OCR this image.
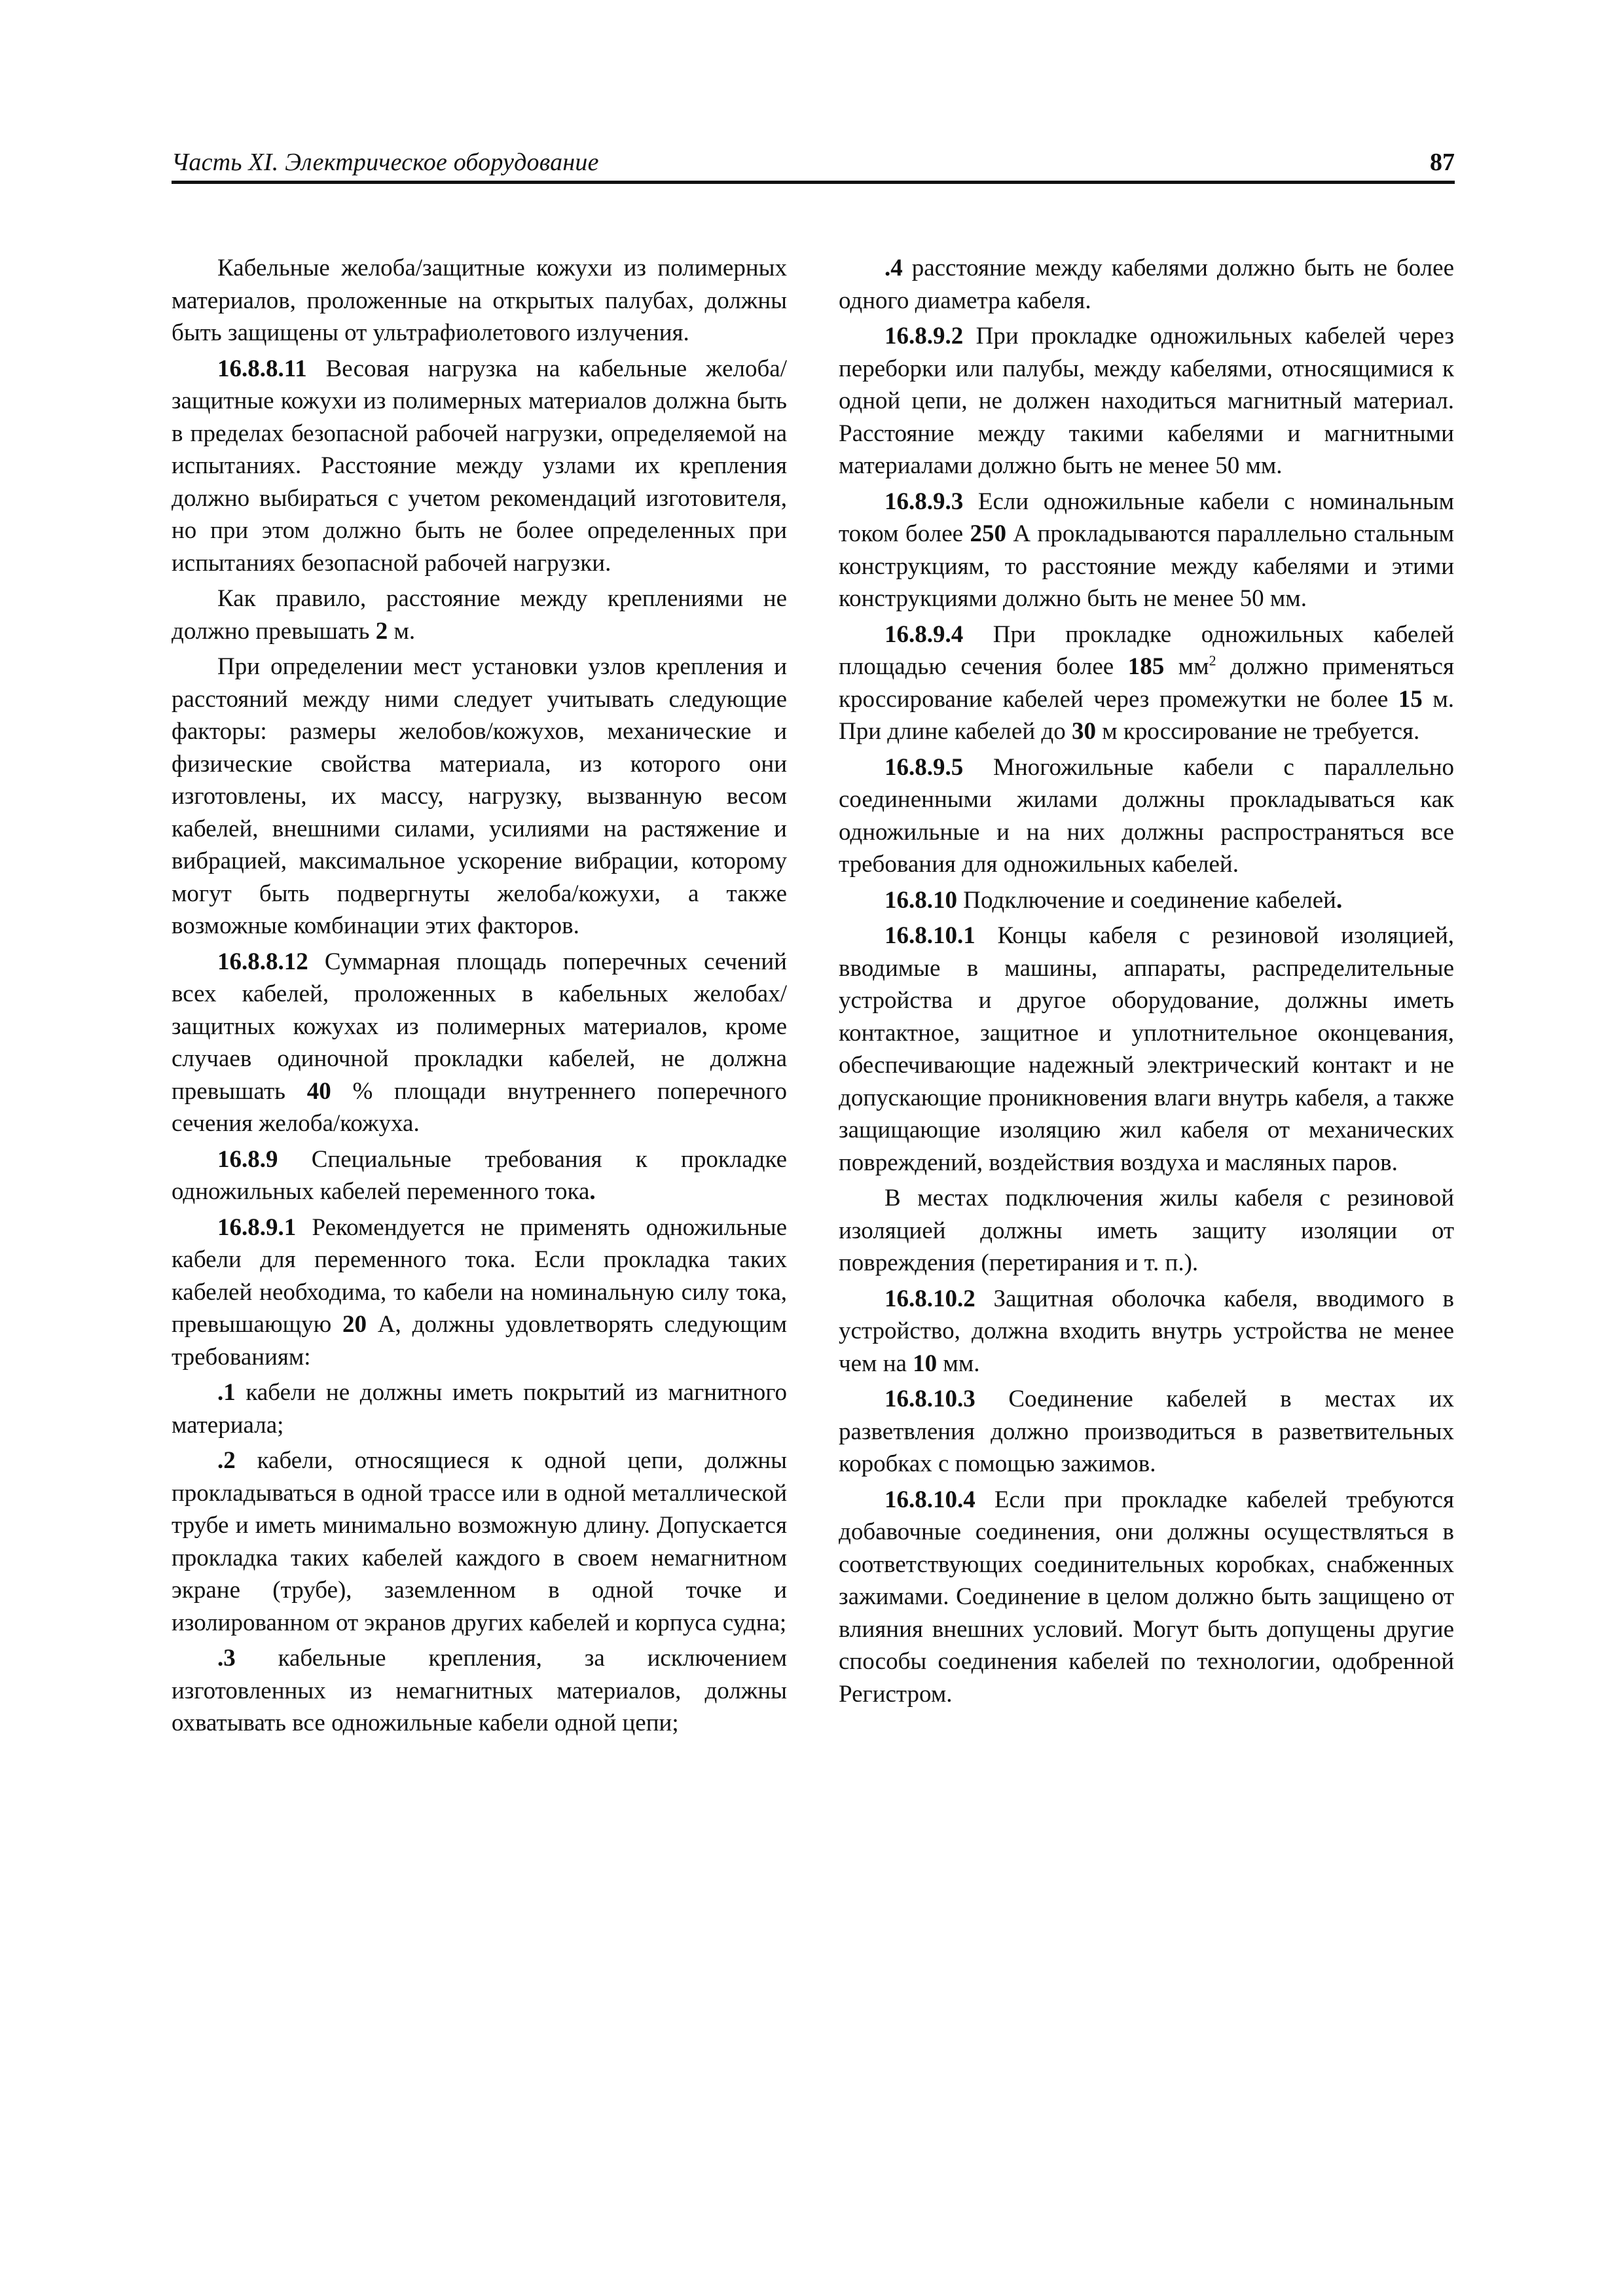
Часть XI. Электрическое оборудование	87

Кабельные желоба/защитные кожухи из полимерных материалов, проложенные на открытых палубах, должны быть защищены от ультрафиолетового излучения.

16.8.8.11 Весовая нагрузка на кабельные желоба/защитные кожухи из полимерных материалов должна быть в пределах безопасной рабочей нагрузки, определяемой на испытаниях. Расстояние между узлами их крепления должно выбираться с учетом рекомендаций изготовителя, но при этом должно быть не более определенных при испытаниях безопасной рабочей нагрузки.

Как правило, расстояние между креплениями не должно превышать 2 м.

При определении мест установки узлов крепления и расстояний между ними следует учитывать следующие факторы: размеры желобов/кожухов, механические и физические свойства материала, из которого они изготовлены, их массу, нагрузку, вызванную весом кабелей, внешними силами, усилиями на растяжение и вибрацией, максимальное ускорение вибрации, которому могут быть подвергнуты желоба/кожухи, а также возможные комбинации этих факторов.

16.8.8.12 Суммарная площадь поперечных сечений всех кабелей, проложенных в кабельных желобах/защитных кожухах из полимерных материалов, кроме случаев одиночной прокладки кабелей, не должна превышать 40 % площади внутреннего поперечного сечения желоба/кожуха.

16.8.9 Специальные требования к прокладке одножильных кабелей переменного тока.

16.8.9.1 Рекомендуется не применять одножильные кабели для переменного тока. Если прокладка таких кабелей необходима, то кабели на номинальную силу тока, превышающую 20 А, должны удовлетворять следующим требованиям:

.1 кабели не должны иметь покрытий из магнитного материала;

.2 кабели, относящиеся к одной цепи, должны прокладываться в одной трассе или в одной металлической трубе и иметь минимально возможную длину. Допускается прокладка таких кабелей каждого в своем немагнитном экране (трубе), заземленном в одной точке и изолированном от экранов других кабелей и корпуса судна;

.3 кабельные крепления, за исключением изготовленных из немагнитных материалов, должны охватывать все одножильные кабели одной цепи;

.4 расстояние между кабелями должно быть не более одного диаметра кабеля.

16.8.9.2 При прокладке одножильных кабелей через переборки или палубы, между кабелями, относящимися к одной цепи, не должен находиться магнитный материал. Расстояние между такими кабелями и магнитными материалами должно быть не менее 50 мм.

16.8.9.3 Если одножильные кабели с номинальным током более 250 А прокладываются параллельно стальным конструкциям, то расстояние между кабелями и этими конструкциями должно быть не менее 50 мм.

16.8.9.4 При прокладке одножильных кабелей площадью сечения более 185 $мм^2$ должно применяться кроссирование кабелей через промежутки не более 15 м. При длине кабелей до 30 м кроссирование не требуется.

16.8.9.5 Многожильные кабели с параллельно соединенными жилами должны прокладываться как одножильные и на них должны распространяться все требования для одножильных кабелей.

16.8.10 Подключение и соединение кабелей.

16.8.10.1 Концы кабеля с резиновой изоляцией, вводимые в машины, аппараты, распределительные устройства и другое оборудование, должны иметь контактное, защитное и уплотнительное оконцевания, обеспечивающие надежный электрический контакт и не допускающие проникновения влаги внутрь кабеля, а также защищающие изоляцию жил кабеля от механических повреждений, воздействия воздуха и масляных паров.

В местах подключения жилы кабеля с резиновой изоляцией должны иметь защиту изоляции от повреждения (перетирания и т. п.).

16.8.10.2 Защитная оболочка кабеля, вводимого в устройство, должна входить внутрь устройства не менее чем на 10 мм.

16.8.10.3 Соединение кабелей в местах их разветвления должно производиться в разветвительных коробках с помощью зажимов.

16.8.10.4 Если при прокладке кабелей требуются добавочные соединения, они должны осуществляться в соответствующих соединительных коробках, снабженных зажимами. Соединение в целом должно быть защищено от влияния внешних условий. Могут быть допущены другие способы соединения кабелей по технологии, одобренной Регистром.
